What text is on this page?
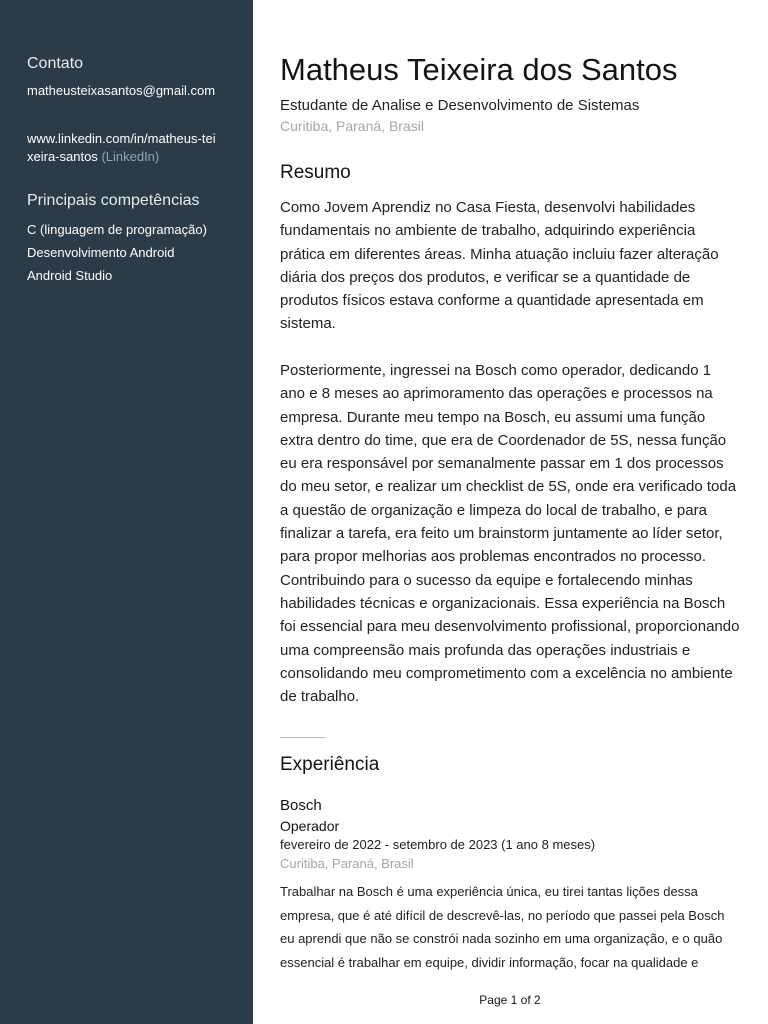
Contato

matheusteixasantos@gmail.com

www.linkedin.com/in/matheus-teixeira-santos (LinkedIn)

Principais competências
C (linguagem de programação)
Desenvolvimento Android
Android Studio
Matheus Teixeira dos Santos

Estudante de Analise e Desenvolvimento de Sistemas

Curitiba, Paraná, Brasil

Resumo

Como Jovem Aprendiz no Casa Fiesta, desenvolvi habilidades fundamentais no ambiente de trabalho, adquirindo experiência prática em diferentes áreas. Minha atuação incluiu fazer alteração diária dos preços dos produtos, e verificar se a quantidade de produtos físicos estava conforme a quantidade apresentada em sistema.

Posteriormente, ingressei na Bosch como operador, dedicando 1 ano e 8 meses ao aprimoramento das operações e processos na empresa. Durante meu tempo na Bosch, eu assumi uma função extra dentro do time, que era de Coordenador de 5S, nessa função eu era responsável por semanalmente passar em 1 dos processos do meu setor, e realizar um checklist de 5S, onde era verificado toda a questão de organização e limpeza do local de trabalho, e para finalizar a tarefa, era feito um brainstorm juntamente ao líder setor, para propor melhorias aos problemas encontrados no processo. Contribuindo para o sucesso da equipe e fortalecendo minhas habilidades técnicas e organizacionais. Essa experiência na Bosch foi essencial para meu desenvolvimento profissional, proporcionando uma compreensão mais profunda das operações industriais e consolidando meu comprometimento com a excelência no ambiente de trabalho.

Experiência

Bosch

Operador

fevereiro de 2022 - setembro de 2023 (1 ano 8 meses)

Curitiba, Paraná, Brasil

Trabalhar na Bosch é uma experiência única, eu tirei tantas lições dessa empresa, que é até difícil de descrevê-las, no período que passei pela Bosch eu aprendi que não se constrói nada sozinho em uma organização, e o quão essencial é trabalhar em equipe, dividir informação, focar na qualidade e

Page 1 of 2
